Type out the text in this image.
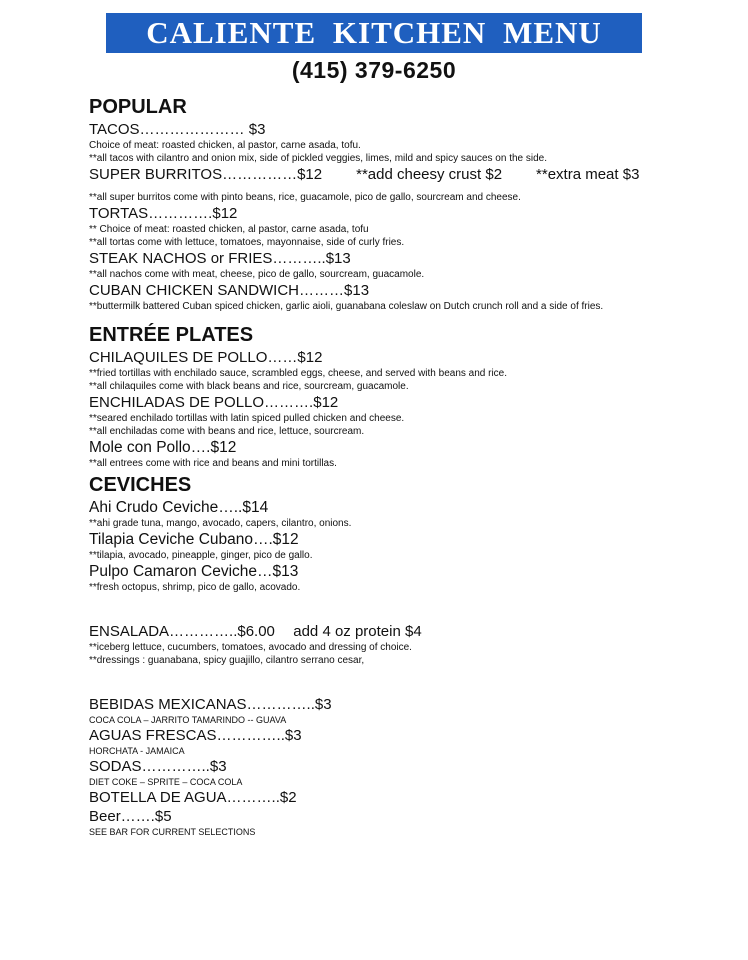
CALIENTE KITCHEN MENU
(415) 379-6250
POPULAR
TACOS………………… $3
Choice of meat: roasted chicken, al pastor, carne asada, tofu.
**all tacos with cilantro and onion mix, side of pickled veggies, limes, mild and spicy sauces on the side.
SUPER BURRITOS……………$12 **add cheesy crust $2 **extra meat $3
**all super burritos come with pinto beans, rice, guacamole, pico de gallo, sourcream and cheese.
TORTAS………….$12
** Choice of meat: roasted chicken, al pastor, carne asada, tofu
**all tortas come with lettuce, tomatoes, mayonnaise, side of curly fries.
STEAK NACHOS or FRIES………..$13
**all nachos come with meat, cheese, pico de gallo, sourcream, guacamole.
CUBAN CHICKEN SANDWICH………$13
**buttermilk battered Cuban spiced chicken, garlic aioli, guanabana coleslaw on Dutch crunch roll and a side of fries.
ENTRÉE PLATES
CHILAQUILES DE POLLO……$12
**fried tortillas with enchilado sauce, scrambled eggs, cheese, and served with beans and rice.
**all chilaquiles come with black beans and rice, sourcream, guacamole.
ENCHILADAS DE POLLO……….$12
**seared enchilado tortillas with latin spiced pulled chicken and cheese.
**all enchiladas come with beans and rice, lettuce, sourcream.
Mole con Pollo….$12
**all entrees come with rice and beans and mini tortillas.
CEVICHES
Ahi Crudo Ceviche…..$14
**ahi grade tuna, mango, avocado, capers, cilantro, onions.
Tilapia Ceviche Cubano….$12
**tilapia, avocado, pineapple, ginger, pico de gallo.
Pulpo Camaron Ceviche…$13
**fresh octopus, shrimp, pico de gallo, acovado.
ENSALADA…………..$6.00 add 4 oz protein $4
**iceberg lettuce, cucumbers, tomatoes, avocado and dressing of choice.
**dressings : guanabana, spicy guajillo, cilantro serrano cesar,
BEBIDAS MEXICANAS…………..$3
COCA COLA – JARRITO TAMARINDO -- GUAVA
AGUAS FRESCAS…………..$3
HORCHATA - JAMAICA
SODAS…………..$3
DIET COKE – SPRITE – COCA COLA
BOTELLA DE AGUA………..$2
Beer…….$5
SEE BAR FOR CURRENT SELECTIONS
